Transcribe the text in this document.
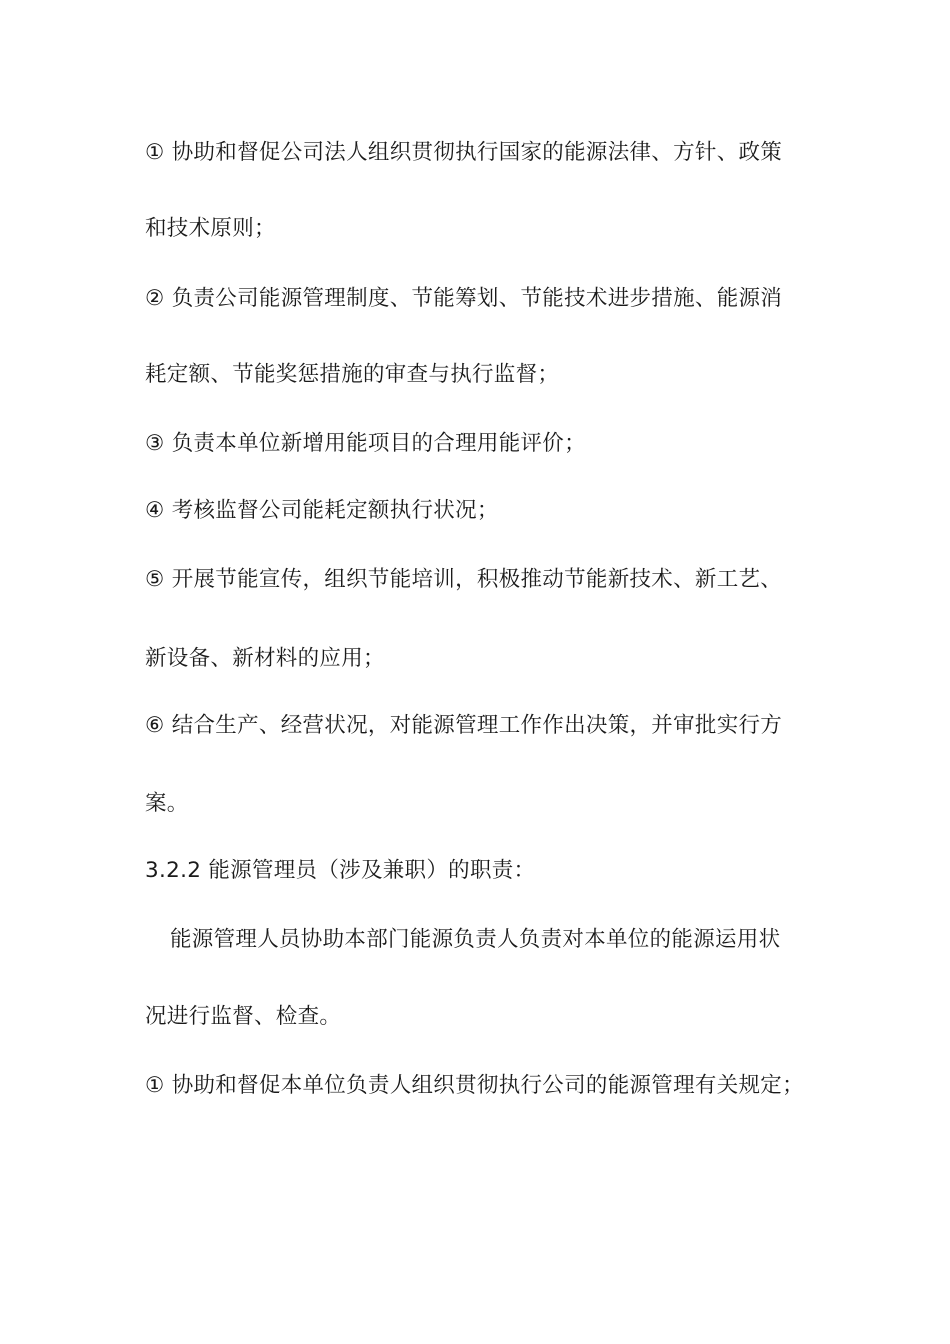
① 协助和督促公司法人组织贯彻执行国家的能源法律、方针、政策
和技术原则；
② 负责公司能源管理制度、节能筹划、节能技术进步措施、能源消
耗定额、节能奖惩措施的审查与执行监督；
③ 负责本单位新增用能项目的合理用能评价；
④ 考核监督公司能耗定额执行状况；
⑤ 开展节能宣传，组织节能培训，积极推动节能新技术、新工艺、
新设备、新材料的应用；
⑥ 结合生产、经营状况，对能源管理工作作出决策，并审批实行方
案。
3.2.2 能源管理员（涉及兼职）的职责：
能源管理人员协助本部门能源负责人负责对本单位的能源运用状
况进行监督、检查。
① 协助和督促本单位负责人组织贯彻执行公司的能源管理有关规定；
